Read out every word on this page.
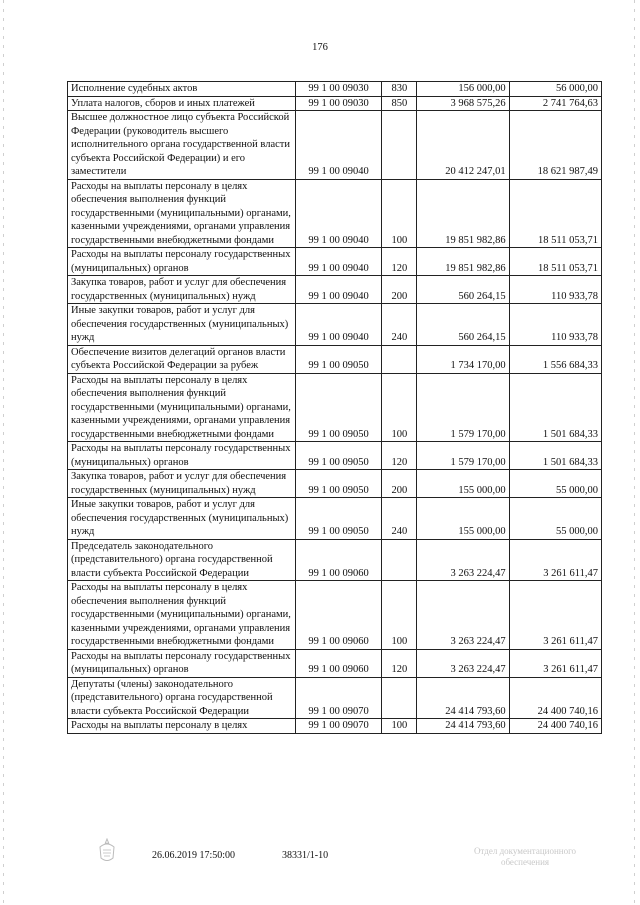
176
Исполнение судебных актов	99 1 00 09030	830	156 000,00	56 000,00
Уплата налогов, сборов и иных платежей	99 1 00 09030	850	3 968 575,26	2 741 764,63
Высшее должностное лицо субъекта Российской Федерации (руководитель высшего исполнительного органа государственной власти субъекта Российской Федерации) и его заместители	99 1 00 09040		20 412 247,01	18 621 987,49
Расходы на выплаты персоналу в целях обеспечения выполнения функций государственными (муниципальными) органами, казенными учреждениями, органами управления государственными внебюджетными фондами	99 1 00 09040	100	19 851 982,86	18 511 053,71
Расходы на выплаты персоналу государственных (муниципальных) органов	99 1 00 09040	120	19 851 982,86	18 511 053,71
Закупка товаров, работ и услуг для обеспечения государственных (муниципальных) нужд	99 1 00 09040	200	560 264,15	110 933,78
Иные закупки товаров, работ и услуг для обеспечения государственных (муниципальных) нужд	99 1 00 09040	240	560 264,15	110 933,78
Обеспечение визитов делегаций органов власти субъекта Российской Федерации за рубеж	99 1 00 09050		1 734 170,00	1 556 684,33
Расходы на выплаты персоналу в целях обеспечения выполнения функций государственными (муниципальными) органами, казенными учреждениями, органами управления государственными внебюджетными фондами	99 1 00 09050	100	1 579 170,00	1 501 684,33
Расходы на выплаты персоналу государственных (муниципальных) органов	99 1 00 09050	120	1 579 170,00	1 501 684,33
Закупка товаров, работ и услуг для обеспечения государственных (муниципальных) нужд	99 1 00 09050	200	155 000,00	55 000,00
Иные закупки товаров, работ и услуг для обеспечения государственных (муниципальных) нужд	99 1 00 09050	240	155 000,00	55 000,00
Председатель законодательного (представительного) органа государственной власти субъекта Российской Федерации	99 1 00 09060		3 263 224,47	3 261 611,47
Расходы на выплаты персоналу в целях обеспечения выполнения функций государственными (муниципальными) органами, казенными учреждениями, органами управления государственными внебюджетными фондами	99 1 00 09060	100	3 263 224,47	3 261 611,47
Расходы на выплаты персоналу государственных (муниципальных) органов	99 1 00 09060	120	3 263 224,47	3 261 611,47
Депутаты (члены) законодательного (представительного) органа государственной власти субъекта Российской Федерации	99 1 00 09070		24 414 793,60	24 400 740,16
Расходы на выплаты персоналу в целях	99 1 00 09070	100	24 414 793,60	24 400 740,16
26.06.2019 17:50:00	38331/1-10	Отдел документационного обеспечения
